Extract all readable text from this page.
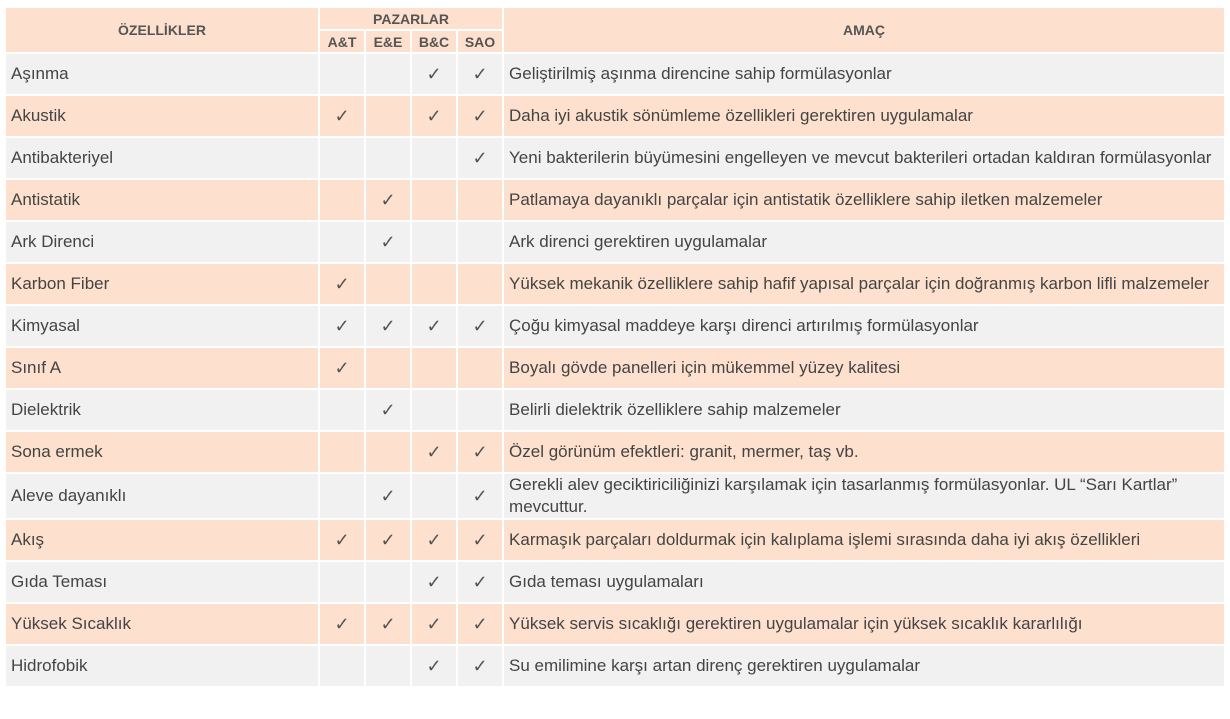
ÖZELLİKLER	PAZARLAR				AMAÇ
	A&T	E&E	B&C	SAO	
Aşınma			✓	✓	Geliştirilmiş aşınma direncine sahip formülasyonlar
Akustik	✓		✓	✓	Daha iyi akustik sönümleme özellikleri gerektiren uygulamalar
Antibakteriyel				✓	Yeni bakterilerin büyümesini engelleyen ve mevcut bakterileri ortadan kaldıran formülasyonlar
Antistatik		✓			Patlamaya dayanıklı parçalar için antistatik özelliklere sahip iletken malzemeler
Ark Direnci		✓			Ark direnci gerektiren uygulamalar
Karbon Fiber	✓				Yüksek mekanik özelliklere sahip hafif yapısal parçalar için doğranmış karbon lifli malzemeler
Kimyasal	✓	✓	✓	✓	Çoğu kimyasal maddeye karşı direnci artırılmış formülasyonlar
Sınıf A	✓				Boyalı gövde panelleri için mükemmel yüzey kalitesi
Dielektrik		✓			Belirli dielektrik özelliklere sahip malzemeler
Sona ermek			✓	✓	Özel görünüm efektleri: granit, mermer, taş vb.
Aleve dayanıklı		✓		✓	Gerekli alev geciktiriciliğinizi karşılamak için tasarlanmış formülasyonlar. UL “Sarı Kartlar” mevcuttur.
Akış	✓	✓	✓	✓	Karmaşık parçaları doldurmak için kalıplama işlemi sırasında daha iyi akış özellikleri
Gıda Teması			✓	✓	Gıda teması uygulamaları
Yüksek Sıcaklık	✓	✓	✓	✓	Yüksek servis sıcaklığı gerektiren uygulamalar için yüksek sıcaklık kararlılığı
Hidrofobik			✓	✓	Su emilimine karşı artan direnç gerektiren uygulamalar
